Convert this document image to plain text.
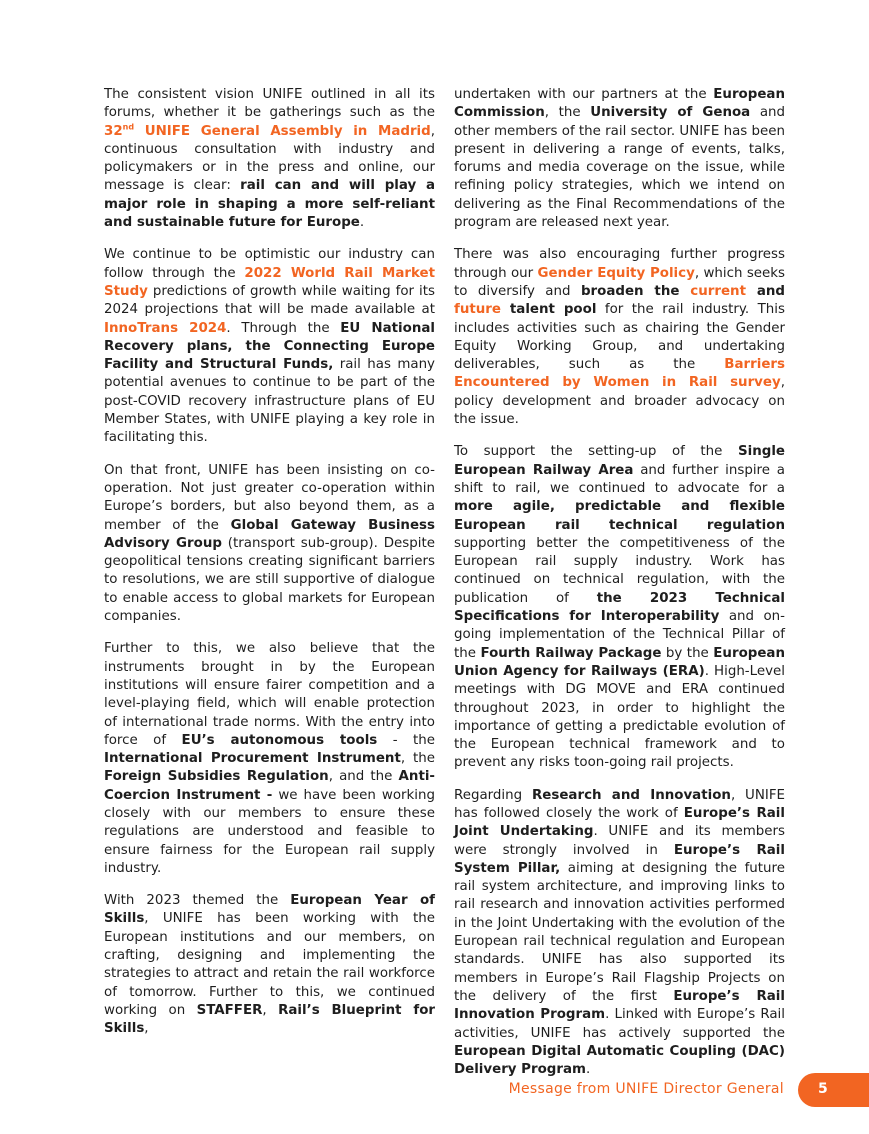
The consistent vision UNIFE outlined in all its forums, whether it be gatherings such as the 32nd UNIFE General Assembly in Madrid, continuous consultation with industry and policymakers or in the press and online, our message is clear: rail can and will play a major role in shaping a more self-reliant and sustainable future for Europe.

We continue to be optimistic our industry can follow through the 2022 World Rail Market Study predictions of growth while waiting for its 2024 projections that will be made available at InnoTrans 2024. Through the EU National Recovery plans, the Connecting Europe Facility and Structural Funds, rail has many potential avenues to continue to be part of the post-COVID recovery infrastructure plans of EU Member States, with UNIFE playing a key role in facilitating this.

On that front, UNIFE has been insisting on co-operation. Not just greater co-operation within Europe’s borders, but also beyond them, as a member of the Global Gateway Business Advisory Group (transport sub-group). Despite geopolitical tensions creating significant barriers to resolutions, we are still supportive of dialogue to enable access to global markets for European companies.

Further to this, we also believe that the instruments brought in by the European institutions will ensure fairer competition and a level-playing field, which will enable protection of international trade norms. With the entry into force of EU’s autonomous tools - the International Procurement Instrument, the Foreign Subsidies Regulation, and the Anti-Coercion Instrument - we have been working closely with our members to ensure these regulations are understood and feasible to ensure fairness for the European rail supply industry.

With 2023 themed the European Year of Skills, UNIFE has been working with the European institutions and our members, on crafting, designing and implementing the strategies to attract and retain the rail workforce of tomorrow. Further to this, we continued working on STAFFER, Rail’s Blueprint for Skills,

undertaken with our partners at the European Commission, the University of Genoa and other members of the rail sector. UNIFE has been present in delivering a range of events, talks, forums and media coverage on the issue, while refining policy strategies, which we intend on delivering as the Final Recommendations of the program are released next year.

There was also encouraging further progress through our Gender Equity Policy, which seeks to diversify and broaden the current and future talent pool for the rail industry. This includes activities such as chairing the Gender Equity Working Group, and undertaking deliverables, such as the Barriers Encountered by Women in Rail survey, policy development and broader advocacy on the issue.

To support the setting-up of the Single European Railway Area and further inspire a shift to rail, we continued to advocate for a more agile, predictable and flexible European rail technical regulation supporting better the competitiveness of the European rail supply industry. Work has continued on technical regulation, with the publication of the 2023 Technical Specifications for Interoperability and on-going implementation of the Technical Pillar of the Fourth Railway Package by the European Union Agency for Railways (ERA). High-Level meetings with DG MOVE and ERA continued throughout 2023, in order to highlight the importance of getting a predictable evolution of the European technical framework and to prevent any risks toon-going rail projects.

Regarding Research and Innovation, UNIFE has followed closely the work of Europe’s Rail Joint Undertaking. UNIFE and its members were strongly involved in Europe’s Rail System Pillar, aiming at designing the future rail system architecture, and improving links to rail research and innovation activities performed in the Joint Undertaking with the evolution of the European rail technical regulation and European standards. UNIFE has also supported its members in Europe’s Rail Flagship Projects on the delivery of the first Europe’s Rail Innovation Program. Linked with Europe’s Rail activities, UNIFE has actively supported the European Digital Automatic Coupling (DAC) Delivery Program.

Message from UNIFE Director General 5
